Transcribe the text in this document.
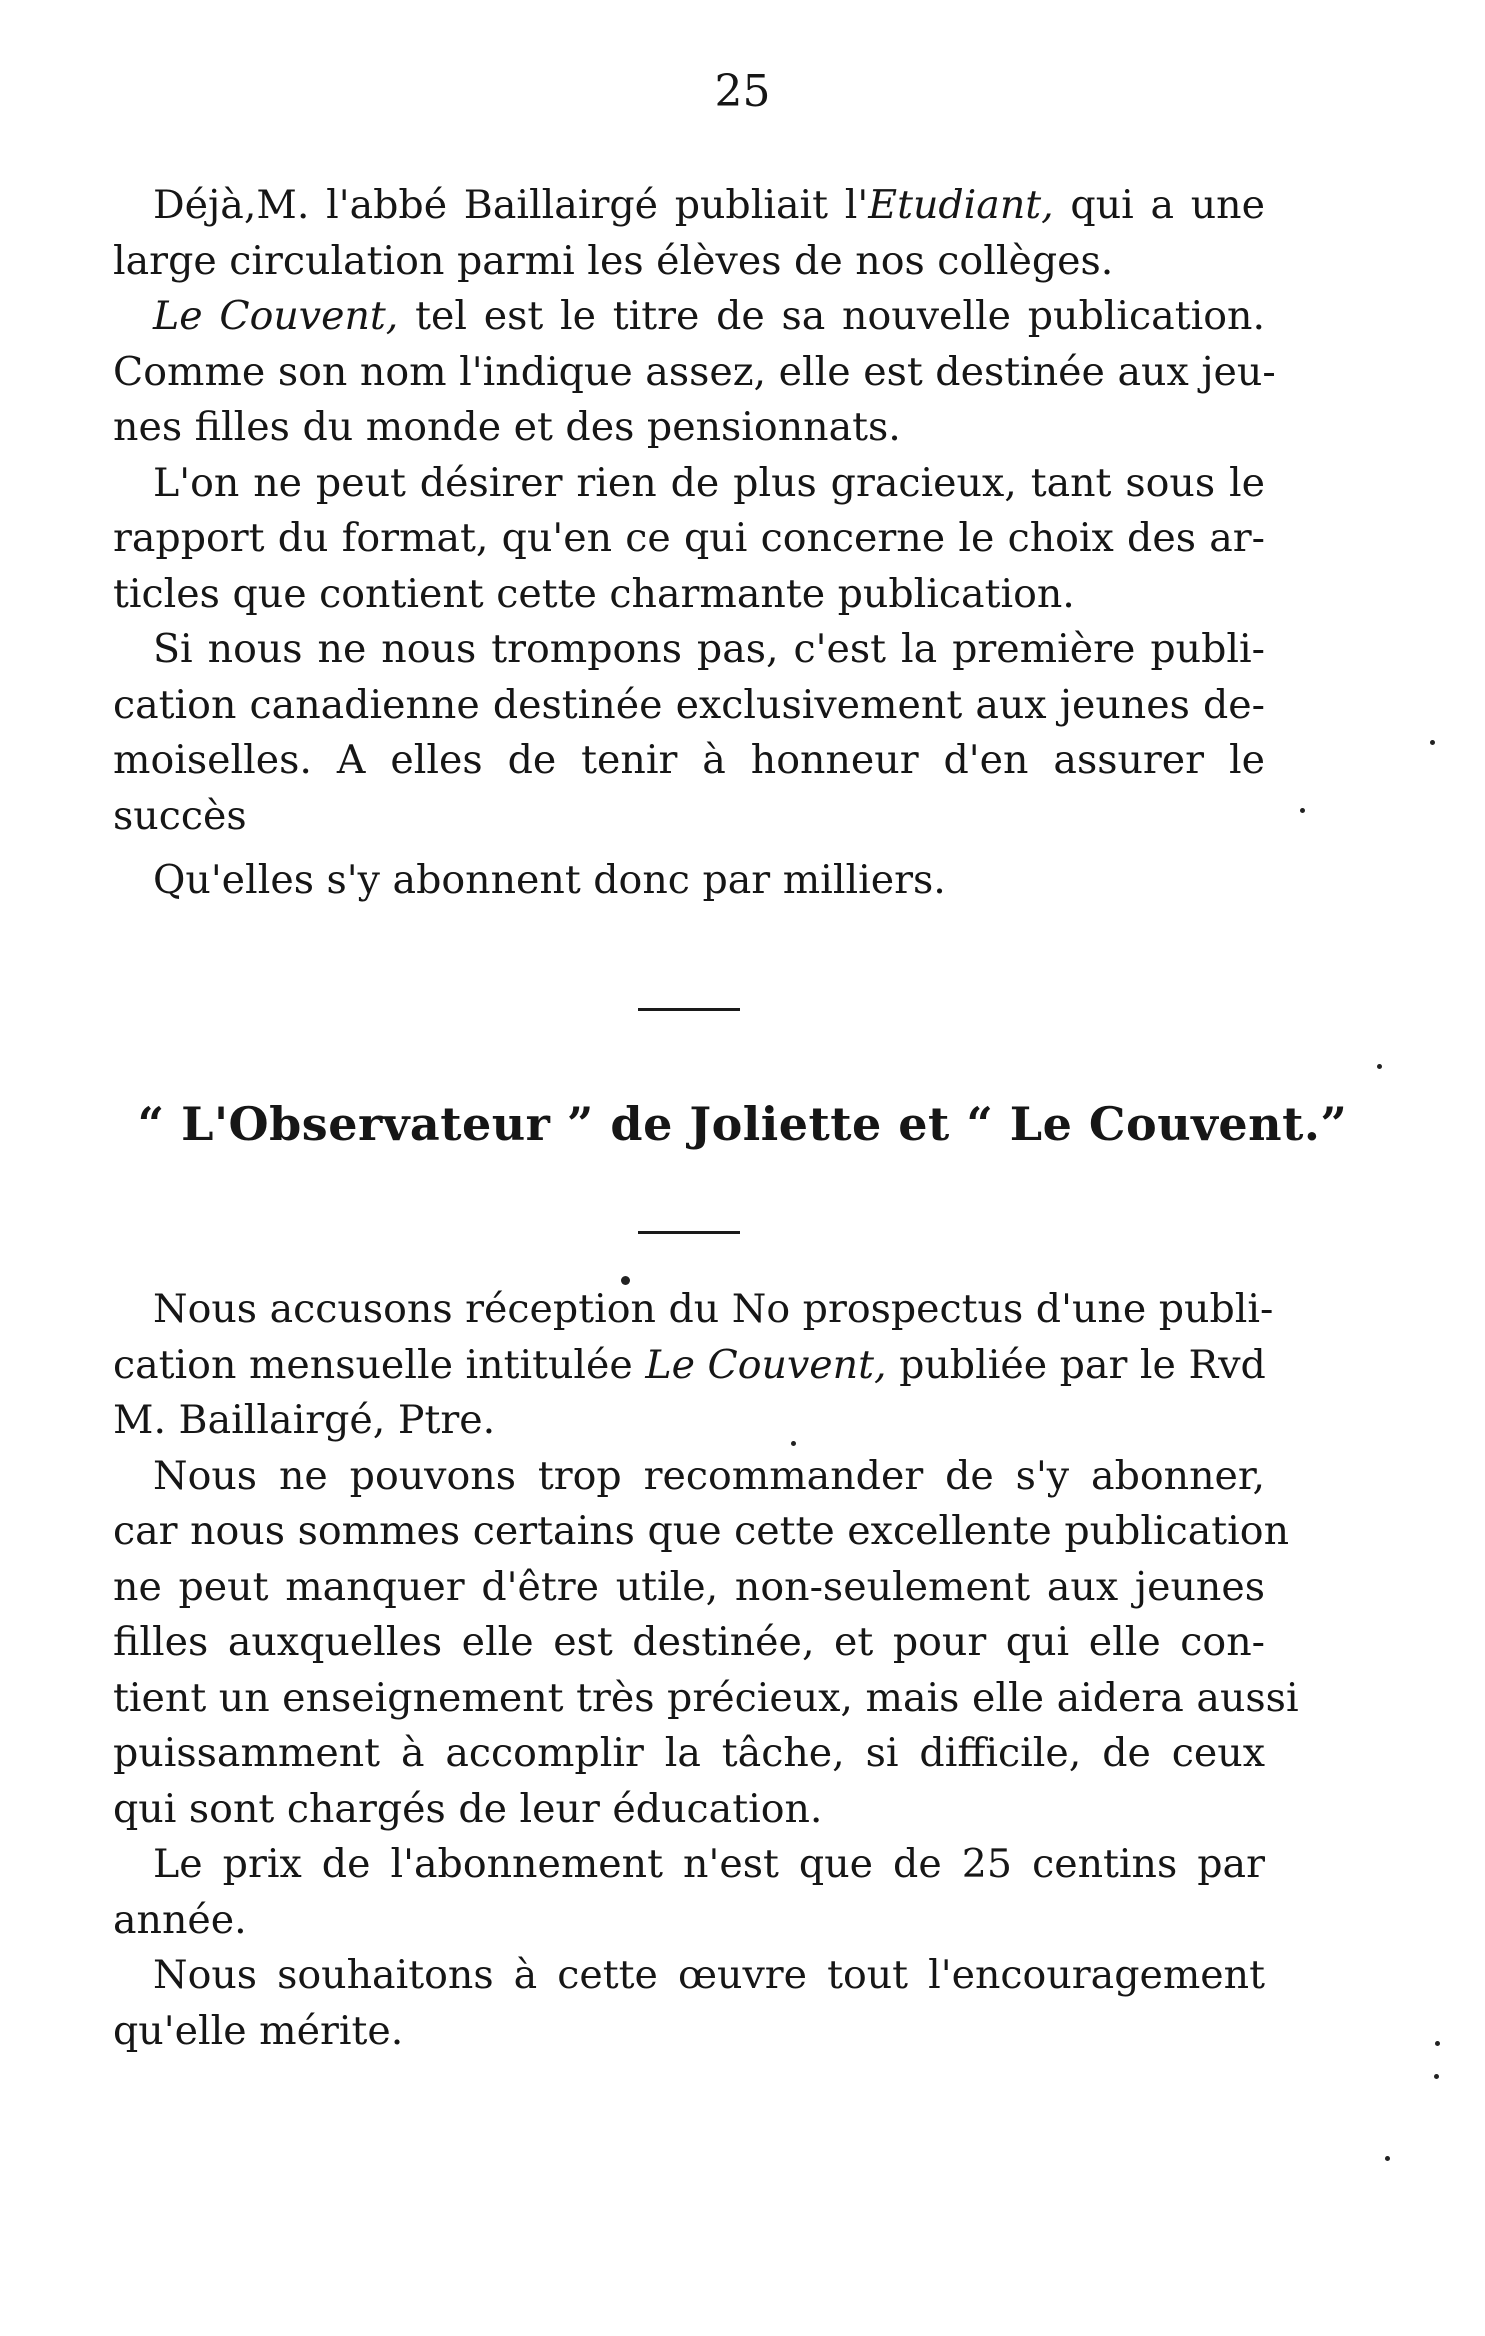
25
Déjà,M. l'abbé Baillairgé publiait l'Etudiant, qui a une
large circulation parmi les élèves de nos collèges.
Le Couvent, tel est le titre de sa nouvelle publication.
Comme son nom l'indique assez, elle est destinée aux jeu-
nes filles du monde et des pensionnats.
L'on ne peut désirer rien de plus gracieux, tant sous le
rapport du format, qu'en ce qui concerne le choix des ar-
ticles que contient cette charmante publication.
Si nous ne nous trompons pas, c'est la première publi-
cation canadienne destinée exclusivement aux jeunes de-
moiselles. A elles de tenir à honneur d'en assurer le
succès
Qu'elles s'y abonnent donc par milliers.
“ L'Observateur ” de Joliette et “ Le Couvent.”
Nous accusons réception du No prospectus d'une publi-
cation mensuelle intitulée Le Couvent, publiée par le Rvd
M. Baillairgé, Ptre.
Nous ne pouvons trop recommander de s'y abonner,
car nous sommes certains que cette excellente publication
ne peut manquer d'être utile, non-seulement aux jeunes
filles auxquelles elle est destinée, et pour qui elle con-
tient un enseignement très précieux, mais elle aidera aussi
puissamment à accomplir la tâche, si difficile, de ceux
qui sont chargés de leur éducation.
Le prix de l'abonnement n'est que de 25 centins par
année.
Nous souhaitons à cette œuvre tout l'encouragement
qu'elle mérite.
